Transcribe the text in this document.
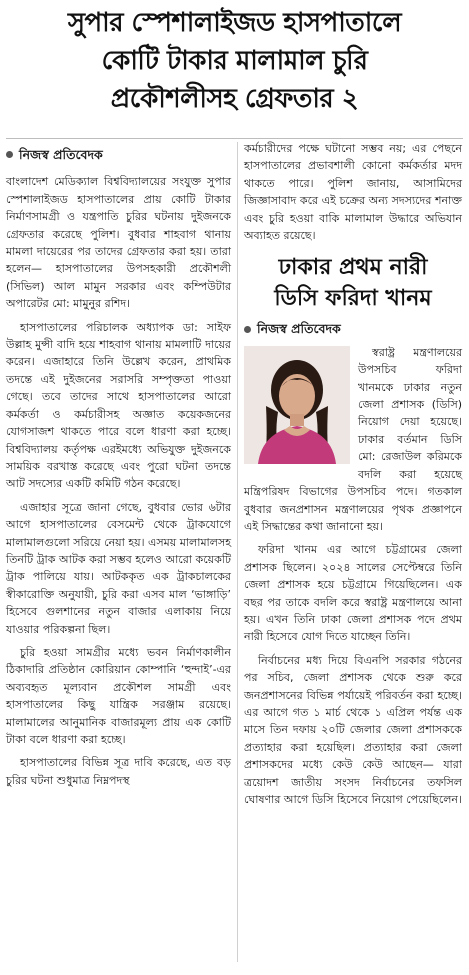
সুপার স্পেশালাইজড হাসপাতালে
কোটি টাকার মালামাল চুরি
প্রকৌশলীসহ গ্রেফতার ২
নিজস্ব প্রতিবেদক

বাংলাদেশ মেডিক্যাল বিশ্ববিদ্যালয়ের সংযুক্ত সুপার স্পেশালাইজড হাসপাতালের প্রায় কোটি টাকার নির্মাণসামগ্রী ও যন্ত্রপাতি চুরির ঘটনায় দুইজনকে গ্রেফতার করেছে পুলিশ। বুধবার শাহবাগ থানায় মামলা দায়েরের পর তাদের গ্রেফতার করা হয়। তারা হলেন— হাসপাতালের উপসহকারী প্রকৌশলী (সিভিল) আল মামুন সরকার এবং কম্পিউটার অপারেটর মো: মামুনুর রশিদ।

হাসপাতালের পরিচালক অধ্যাপক ডা: সাইফ উল্লাহ মুন্সী বাদি হয়ে শাহবাগ থানায় মামলাটি দায়ের করেন। এজাহারে তিনি উল্লেখ করেন, প্রাথমিক তদন্তে এই দুইজনের সরাসরি সম্পৃক্ততা পাওয়া গেছে। তবে তাদের সাথে হাসপাতালের আরো কর্মকর্তা ও কর্মচারীসহ অজ্ঞাত কয়েকজনের যোগসাজশ থাকতে পারে বলে ধারণা করা হচ্ছে। বিশ্ববিদ্যালয় কর্তৃপক্ষ এরইমধ্যে অভিযুক্ত দুইজনকে সাময়িক বরখাস্ত করেছে এবং পুরো ঘটনা তদন্তে আট সদস্যের একটি কমিটি গঠন করেছে।

এজাহার সূত্রে জানা গেছে, বুধবার ভোর ৬টার আগে হাসপাতালের বেসমেন্ট থেকে ট্রাকযোগে মালামালগুলো সরিয়ে নেয়া হয়। এসময় মালামালসহ তিনটি ট্রাক আটক করা সম্ভব হলেও আরো কয়েকটি ট্রাক পালিয়ে যায়। আটককৃত এক ট্রাকচালকের স্বীকারোক্তি অনুযায়ী, চুরি করা এসব মাল ‘ভাঙ্গাড়ি’ হিসেবে গুলশানের নতুন বাজার এলাকায় নিয়ে যাওয়ার পরিকল্পনা ছিল।

চুরি হওয়া সামগ্রীর মধ্যে ভবন নির্মাণকালীন ঠিকাদারি প্রতিষ্ঠান কোরিয়ান কোম্পানি ‘হুন্দাই’-এর অব্যবহৃত মূল্যবান প্রকৌশল সামগ্রী এবং হাসপাতালের কিছু যান্ত্রিক সরঞ্জাম রয়েছে। মালামালের আনুমানিক বাজারমূল্য প্রায় এক কোটি টাকা বলে ধারণা করা হচ্ছে।

হাসপাতালের বিভিন্ন সূত্র দাবি করেছে, এত বড় চুরির ঘটনা শুধুমাত্র নিম্নপদস্থ

কর্মচারীদের পক্ষে ঘটানো সম্ভব নয়; এর পেছনে হাসপাতালের প্রভাবশালী কোনো কর্মকর্তার মদদ থাকতে পারে। পুলিশ জানায়, আসামিদের জিজ্ঞাসাবাদ করে এই চক্রের অন্য সদস্যদের শনাক্ত এবং চুরি হওয়া বাকি মালামাল উদ্ধারে অভিযান অব্যাহত রয়েছে।

ঢাকার প্রথম নারী
ডিসি ফরিদা খানম
নিজস্ব প্রতিবেদক

স্বরাষ্ট্র মন্ত্রণালয়ের উপসচিব ফরিদা খানমকে ঢাকার নতুন জেলা প্রশাসক (ডিসি) নিয়োগ দেয়া হয়েছে। ঢাকার বর্তমান ডিসি মো: রেজাউল করিমকে বদলি করা হয়েছে মন্ত্রিপরিষদ বিভাগের উপসচিব পদে। গতকাল বুধবার জনপ্রশাসন মন্ত্রণালয়ের পৃথক প্রজ্ঞাপনে এই সিদ্ধান্তের কথা জানানো হয়।

ফরিদা খানম এর আগে চট্টগ্রামের জেলা প্রশাসক ছিলেন। ২০২৪ সালের সেপ্টেম্বরে তিনি জেলা প্রশাসক হয়ে চট্টগ্রামে গিয়েছিলেন। এক বছর পর তাকে বদলি করে স্বরাষ্ট্র মন্ত্রণালয়ে আনা হয়। এখন তিনি ঢাকা জেলা প্রশাসক পদে প্রথম নারী হিসেবে যোগ দিতে যাচ্ছেন তিনি।

নির্বাচনের মধ্য দিয়ে বিএনপি সরকার গঠনের পর সচিব, জেলা প্রশাসক থেকে শুরু করে জনপ্রশাসনের বিভিন্ন পর্যায়েই পরিবর্তন করা হচ্ছে। এর আগে গত ১ মার্চ থেকে ১ এপ্রিল পর্যন্ত এক মাসে তিন দফায় ২০টি জেলার জেলা প্রশাসককে প্রত্যাহার করা হয়েছিল। প্রত্যাহার করা জেলা প্রশাসকদের মধ্যে কেউ কেউ আছেন— যারা ত্রয়োদশ জাতীয় সংসদ নির্বাচনের তফসিল ঘোষণার আগে ডিসি হিসেবে নিয়োগ পেয়েছিলেন।
